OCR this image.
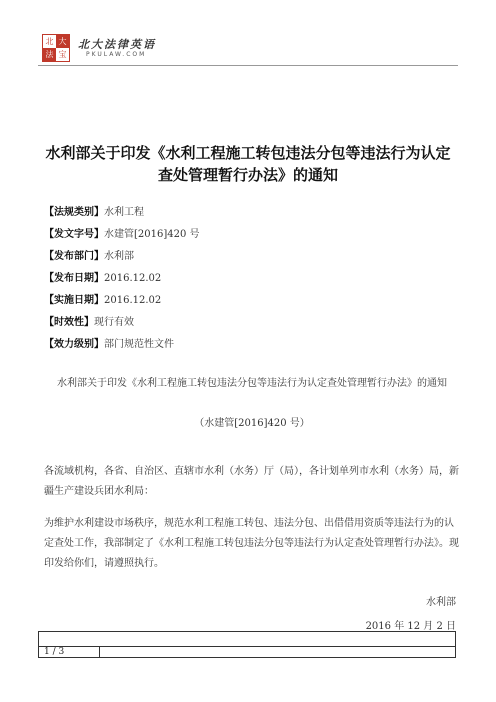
北 大
法 宝
北大法律英语
PKULAW.COM
水利部关于印发《水利工程施工转包违法分包等违法行为认定查处管理暂行办法》的通知
【法规类别】水利工程
【发文字号】水建管[2016]420 号
【发布部门】水利部
【发布日期】2016.12.02
【实施日期】2016.12.02
【时效性】现行有效
【效力级别】部门规范性文件
水利部关于印发《水利工程施工转包违法分包等违法行为认定查处管理暂行办法》的通知
（水建管[2016]420 号）
各流域机构，各省、自治区、直辖市水利（水务）厅（局），各计划单列市水利（水务）局，新疆生产建设兵团水利局：
为维护水利建设市场秩序，规范水利工程施工转包、违法分包、出借借用资质等违法行为的认定查处工作，我部制定了《水利工程施工转包违法分包等违法行为认定查处管理暂行办法》。现印发给你们，请遵照执行。
水利部
2016 年 12 月 2 日
1 / 3
